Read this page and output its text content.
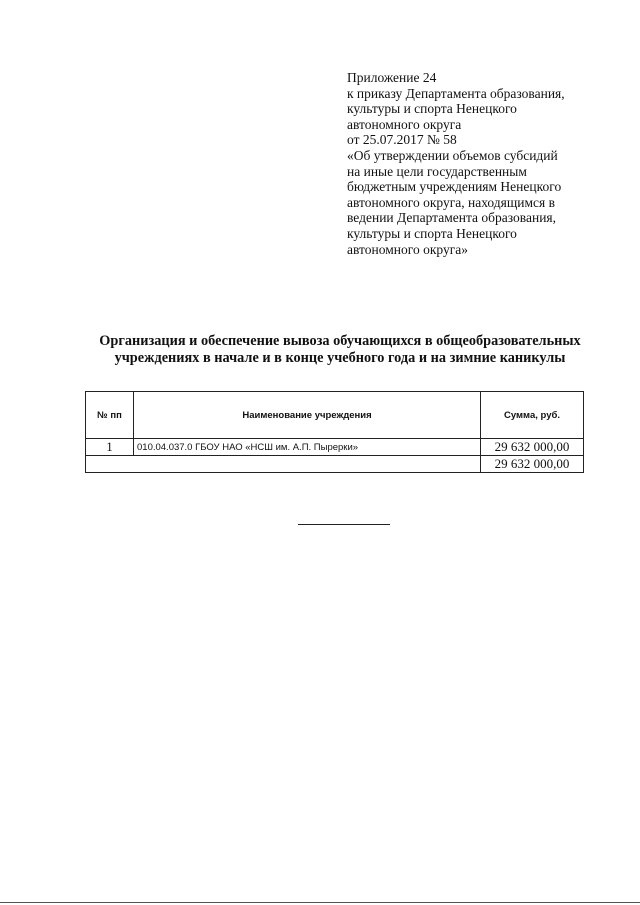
Приложение 24
к приказу Департамента образования,
культуры и спорта Ненецкого
автономного округа
от 25.07.2017 № 58
«Об утверждении объемов субсидий
на иные цели государственным
бюджетным учреждениям Ненецкого
автономного округа, находящимся в
ведении Департамента образования,
культуры и спорта Ненецкого
автономного округа»
Организация и обеспечение вывоза обучающихся в общеобразовательных
учреждениях в начале и в конце учебного года и на зимние каникулы
№ пп	Наименование учреждения	Сумма, руб.
1	010.04.037.0 ГБОУ НАО «НСШ им. А.П. Пырерки»	29 632 000,00
		29 632 000,00
